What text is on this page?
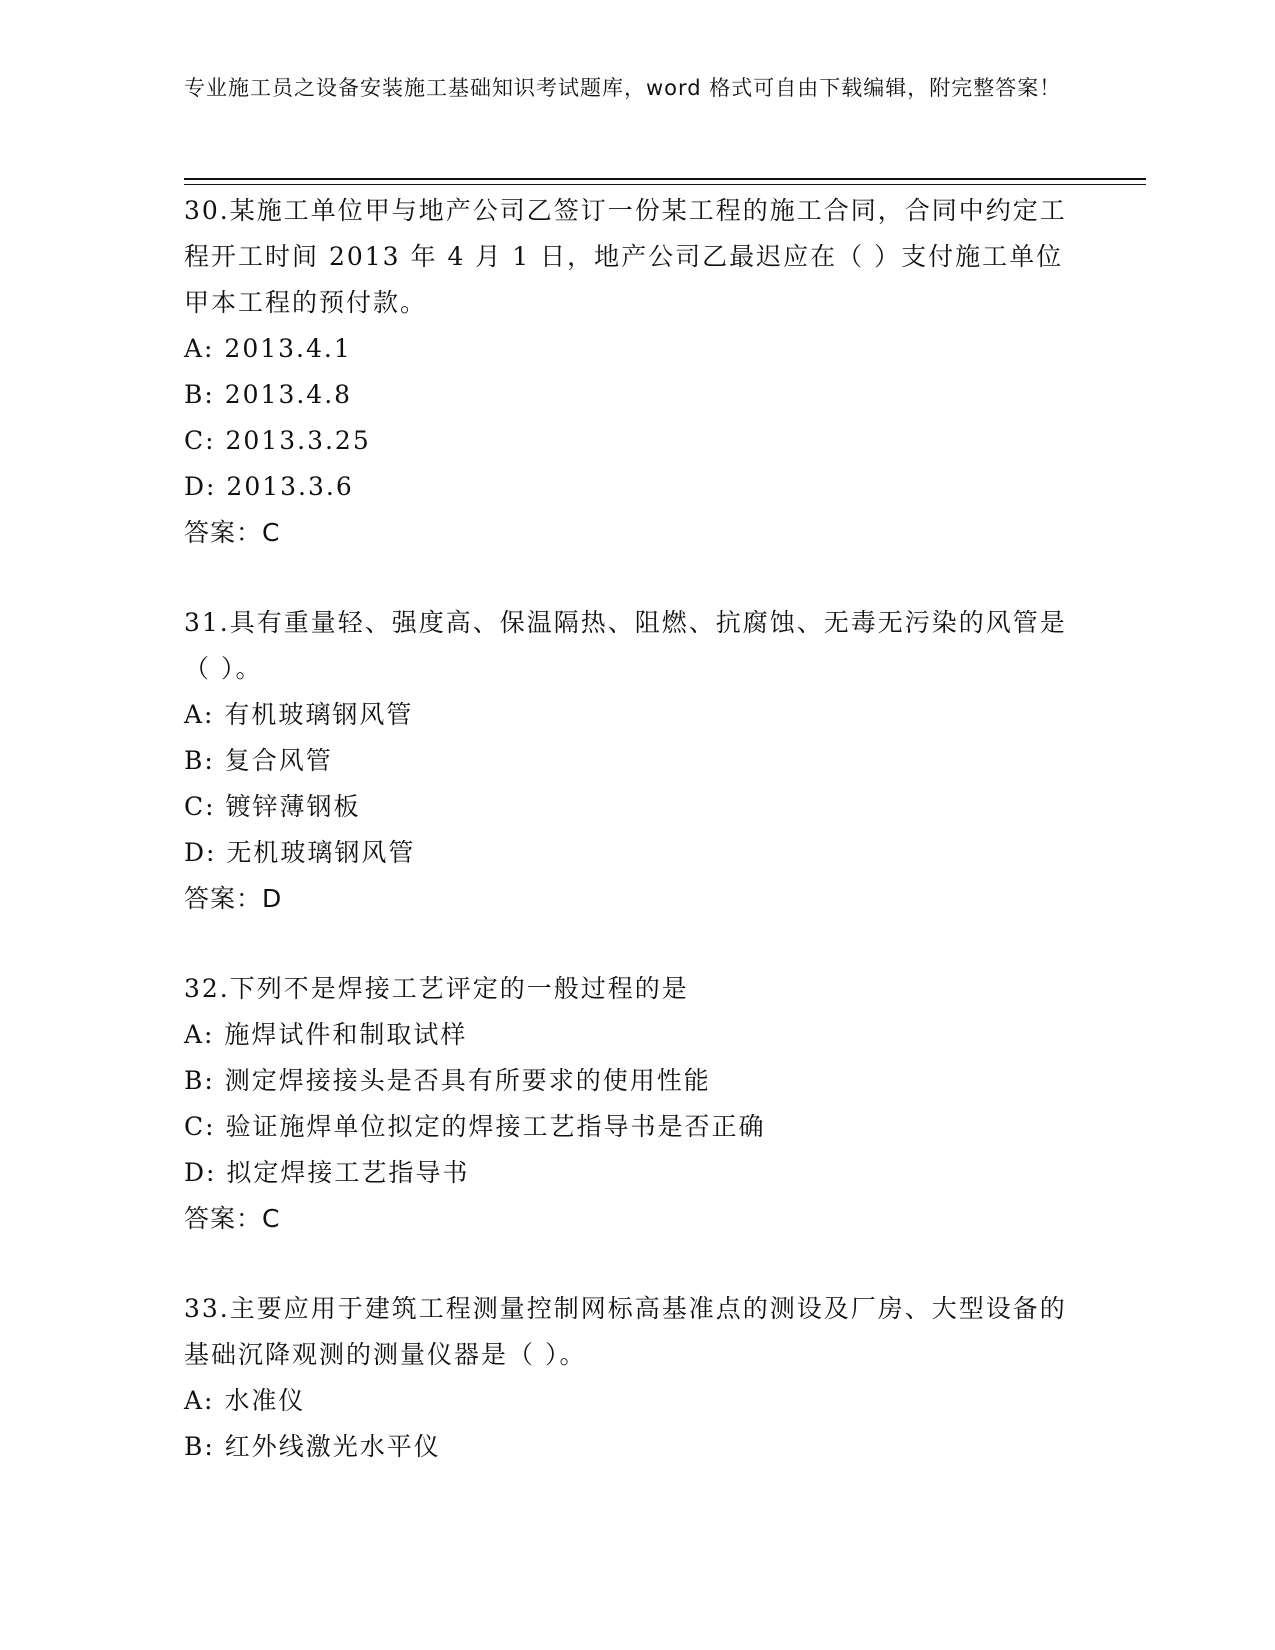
专业施工员之设备安装施工基础知识考试题库，word 格式可自由下载编辑，附完整答案！

30.某施工单位甲与地产公司乙签订一份某工程的施工合同，合同中约定工程开工时间 2013 年 4 月 1 日，地产公司乙最迟应在（ ）支付施工单位甲本工程的预付款。

A: 2013.4.1

B: 2013.4.8

C: 2013.3.25

D: 2013.3.6

答案：C

31.具有重量轻、强度高、保温隔热、阻燃、抗腐蚀、无毒无污染的风管是（ ）。

A: 有机玻璃钢风管

B: 复合风管

C: 镀锌薄钢板

D: 无机玻璃钢风管

答案：D

32.下列不是焊接工艺评定的一般过程的是

A: 施焊试件和制取试样

B: 测定焊接接头是否具有所要求的使用性能

C: 验证施焊单位拟定的焊接工艺指导书是否正确

D: 拟定焊接工艺指导书

答案：C

33.主要应用于建筑工程测量控制网标高基准点的测设及厂房、大型设备的基础沉降观测的测量仪器是（ ）。

A: 水准仪

B: 红外线激光水平仪
